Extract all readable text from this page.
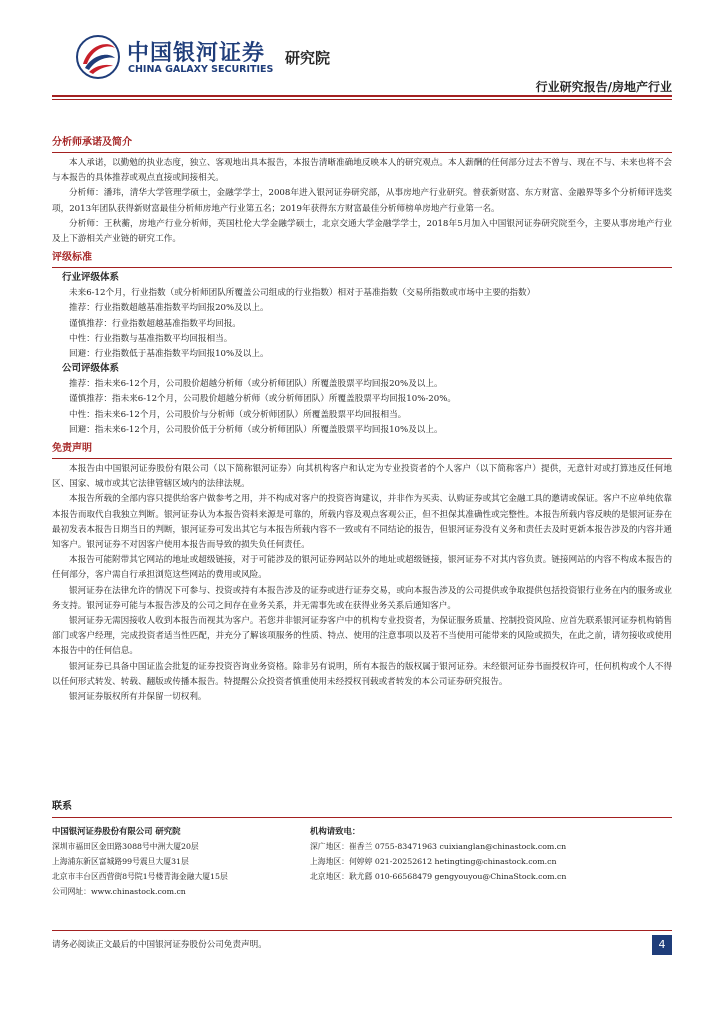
中国银河证券
CHINA GALAXY SECURITIES
研究院
行业研究报告/房地产行业
分析师承诺及简介

本人承诺，以勤勉的执业态度，独立、客观地出具本报告，本报告清晰准确地反映本人的研究观点。本人薪酬的任何部分过去不曾与、现在不与、未来也将不会与本报告的具体推荐或观点直接或间接相关。

分析师：潘玮，清华大学管理学硕士，金融学学士，2008年进入银河证券研究部，从事房地产行业研究。曾获新财富、东方财富、金融界等多个分析师评选奖项，2013年团队获得新财富最佳分析师房地产行业第五名；2019年获得东方财富最佳分析师榜单房地产行业第一名。

分析师：王秋蘅，房地产行业分析师，英国杜伦大学金融学硕士，北京交通大学金融学学士，2018年5月加入中国银河证券研究院至今，主要从事房地产行业及上下游相关产业链的研究工作。

评级标准
行业评级体系
未来6-12个月，行业指数（或分析师团队所覆盖公司组成的行业指数）相对于基准指数（交易所指数或市场中主要的指数）
推荐：行业指数超越基准指数平均回报20%及以上。
谨慎推荐：行业指数超越基准指数平均回报。
中性：行业指数与基准指数平均回报相当。
回避：行业指数低于基准指数平均回报10%及以上。
公司评级体系
推荐：指未来6-12个月，公司股价超越分析师（或分析师团队）所覆盖股票平均回报20%及以上。
谨慎推荐：指未来6-12个月，公司股价超越分析师（或分析师团队）所覆盖股票平均回报10%-20%。
中性：指未来6-12个月，公司股价与分析师（或分析师团队）所覆盖股票平均回报相当。
回避：指未来6-12个月，公司股价低于分析师（或分析师团队）所覆盖股票平均回报10%及以上。
免责声明

本报告由中国银河证券股份有限公司（以下简称银河证券）向其机构客户和认定为专业投资者的个人客户（以下简称客户）提供，无意针对或打算违反任何地区、国家、城市或其它法律管辖区域内的法律法规。

本报告所载的全部内容只提供给客户做参考之用，并不构成对客户的投资咨询建议，并非作为买卖、认购证券或其它金融工具的邀请或保证。客户不应单纯依靠本报告而取代自我独立判断。银河证券认为本报告资料来源是可靠的，所载内容及观点客观公正，但不担保其准确性或完整性。本报告所载内容反映的是银河证券在最初发表本报告日期当日的判断，银河证券可发出其它与本报告所载内容不一致或有不同结论的报告，但银河证券没有义务和责任去及时更新本报告涉及的内容并通知客户。银河证券不对因客户使用本报告而导致的损失负任何责任。

本报告可能附带其它网站的地址或超级链接，对于可能涉及的银河证券网站以外的地址或超级链接，银河证券不对其内容负责。链接网站的内容不构成本报告的任何部分，客户需自行承担浏览这些网站的费用或风险。

银河证券在法律允许的情况下可参与、投资或持有本报告涉及的证券或进行证券交易，或向本报告涉及的公司提供或争取提供包括投资银行业务在内的服务或业务支持。银河证券可能与本报告涉及的公司之间存在业务关系，并无需事先或在获得业务关系后通知客户。

银河证券无需因接收人收到本报告而视其为客户。若您并非银河证券客户中的机构专业投资者，为保证服务质量、控制投资风险、应首先联系银河证券机构销售部门或客户经理，完成投资者适当性匹配，并充分了解该项服务的性质、特点、使用的注意事项以及若不当使用可能带来的风险或损失，在此之前，请勿接收或使用本报告中的任何信息。

银河证券已具备中国证监会批复的证券投资咨询业务资格。除非另有说明，所有本报告的版权属于银河证券。未经银河证券书面授权许可，任何机构或个人不得以任何形式转发、转载、翻版或传播本报告。特提醒公众投资者慎重使用未经授权刊载或者转发的本公司证券研究报告。

银河证券版权所有并保留一切权利。

联系
中国银河证券股份有限公司 研究院
深圳市福田区金田路3088号中洲大厦20层
上海浦东新区富城路99号震旦大厦31层
北京市丰台区西营街8号院1号楼青海金融大厦15层
公司网址：www.chinastock.com.cn
机构请致电：
深广地区：崔香兰 0755-83471963 cuixianglan@chinastock.com.cn
上海地区：何婷婷 021-20252612 hetingting@chinastock.com.cn
北京地区：耿尤繇 010-66568479 gengyouyou@ChinaStock.com.cn
请务必阅读正文最后的中国银河证券股份公司免责声明。	4
